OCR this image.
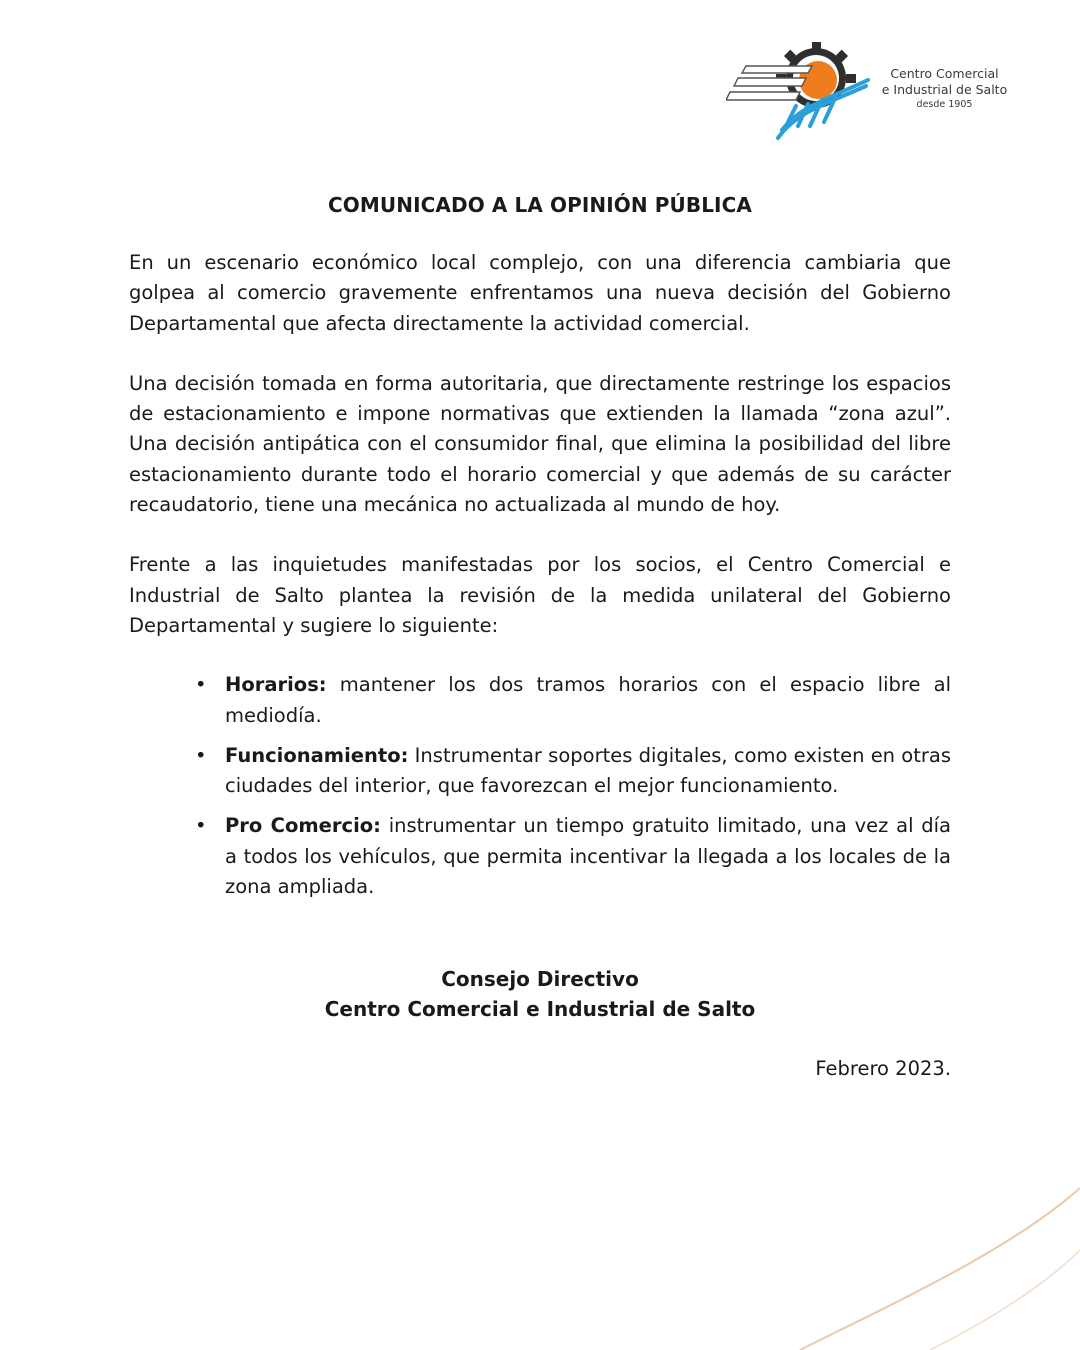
Centro Comercial
e Industrial de Salto
desde 1905
COMUNICADO A LA OPINIÓN PÚBLICA

En un escenario económico local complejo, con una diferencia cambiaria que golpea al comercio gravemente enfrentamos una nueva decisión del Gobierno Departamental que afecta directamente la actividad comercial.

Una decisión tomada en forma autoritaria, que directamente restringe los espacios de estacionamiento e impone normativas que extienden la llamada “zona azul”. Una decisión antipática con el consumidor final, que elimina la posibilidad del libre estacionamiento durante todo el horario comercial y que además de su carácter recaudatorio, tiene una mecánica no actualizada al mundo de hoy.

Frente a las inquietudes manifestadas por los socios, el Centro Comercial e Industrial de Salto plantea la revisión de la medida unilateral del Gobierno Departamental y sugiere lo siguiente:

• Horarios: mantener los dos tramos horarios con el espacio libre al mediodía.
• Funcionamiento: Instrumentar soportes digitales, como existen en otras ciudades del interior, que favorezcan el mejor funcionamiento.
• Pro Comercio: instrumentar un tiempo gratuito limitado, una vez al día a todos los vehículos, que permita incentivar la llegada a los locales de la zona ampliada.
Consejo Directivo
Centro Comercial e Industrial de Salto
Febrero 2023.
